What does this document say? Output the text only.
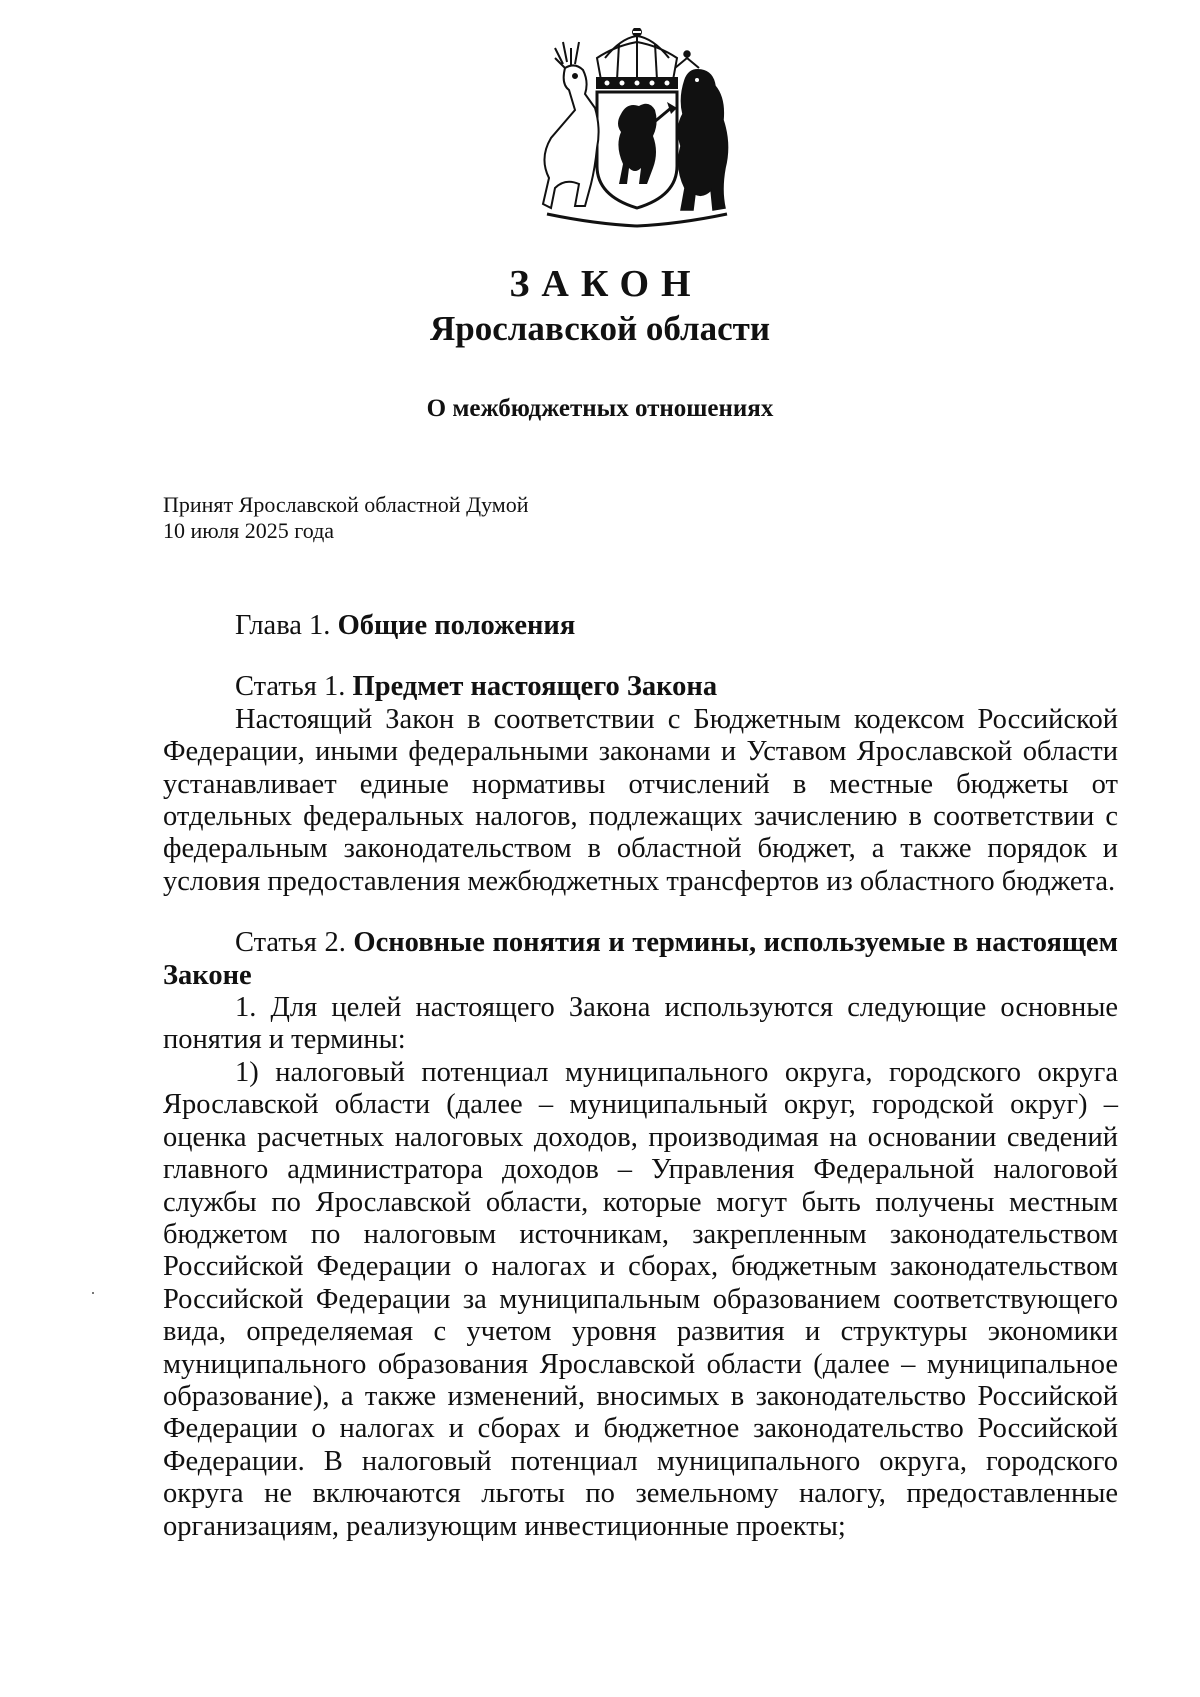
ЗАКОН
Ярославской области
О межбюджетных отношениях
Принят Ярославской областной Думой
10 июля 2025 года

Глава 1. Общие положения

Статья 1. Предмет настоящего Закона

Настоящий Закон в соответствии с Бюджетным кодексом Российской Федерации, иными федеральными законами и Уставом Ярославской области устанавливает единые нормативы отчислений в местные бюджеты от отдельных федеральных налогов, подлежащих зачислению в соответствии с федеральным законодательством в областной бюджет, а также порядок и условия предоставления межбюджетных трансфертов из областного бюджета.

Статья 2. Основные понятия и термины, используемые в настоящем Законе

1. Для целей настоящего Закона используются следующие основные понятия и термины:

1) налоговый потенциал муниципального округа, городского округа Ярославской области (далее – муниципальный округ, городской округ) – оценка расчетных налоговых доходов, производимая на основании сведений главного администратора доходов – Управления Федеральной налоговой службы по Ярославской области, которые могут быть получены местным бюджетом по налоговым источникам, закрепленным законодательством Российской Федерации о налогах и сборах, бюджетным законодательством Российской Федерации за муниципальным образованием соответствующего вида, определяемая с учетом уровня развития и структуры экономики муниципального образования Ярославской области (далее – муниципальное образование), а также изменений, вносимых в законодательство Российской Федерации о налогах и сборах и бюджетное законодательство Российской Федерации. В налоговый потенциал муниципального округа, городского округа не включаются льготы по земельному налогу, предоставленные организациям, реализующим инвестиционные проекты;
